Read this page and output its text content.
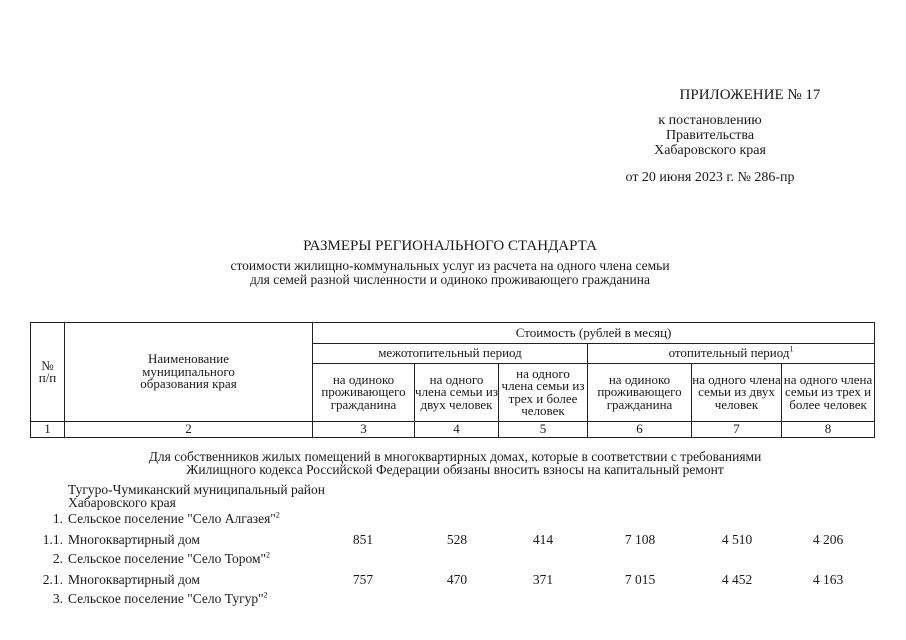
ПРИЛОЖЕНИЕ № 17
к постановлению
Правительства
Хабаровского края
от 20 июня 2023 г. № 286-пр
РАЗМЕРЫ РЕГИОНАЛЬНОГО СТАНДАРТА
стоимости жилищно-коммунальных услуг из расчета на одного члена семьи
для семей разной численности и одиноко проживающего гражданина
№ п/п	Наименование муниципального образования края	Стоимость (рублей в месяц)					
		межотопительный период			отопительный период$^1$
		на одиноко проживающего гражданина	на одного члена семьи из двух человек	на одного члена семьи из трех и более человек	на одиноко проживающего гражданина	на одного члена семьи из двух человек	на одного члена семьи из трех и более человек
1	2	3	4	5	6	7	8
Для собственников жилых помещений в многоквартирных домах, которые в соответствии с требованиями
Жилищного кодекса Российской Федерации обязаны вносить взносы на капитальный ремонт
Тугуро-Чумиканский муниципальный район Хабаровского края
1. Сельское поселение "Село Алгазея"$^2$
1.1. Многоквартирный дом	851	528	414	7 108	4 510	4 206
2. Сельское поселение "Село Тором"$^2$
2.1. Многоквартирный дом	757	470	371	7 015	4 452	4 163
3. Сельское поселение "Село Тугур"$^2$
